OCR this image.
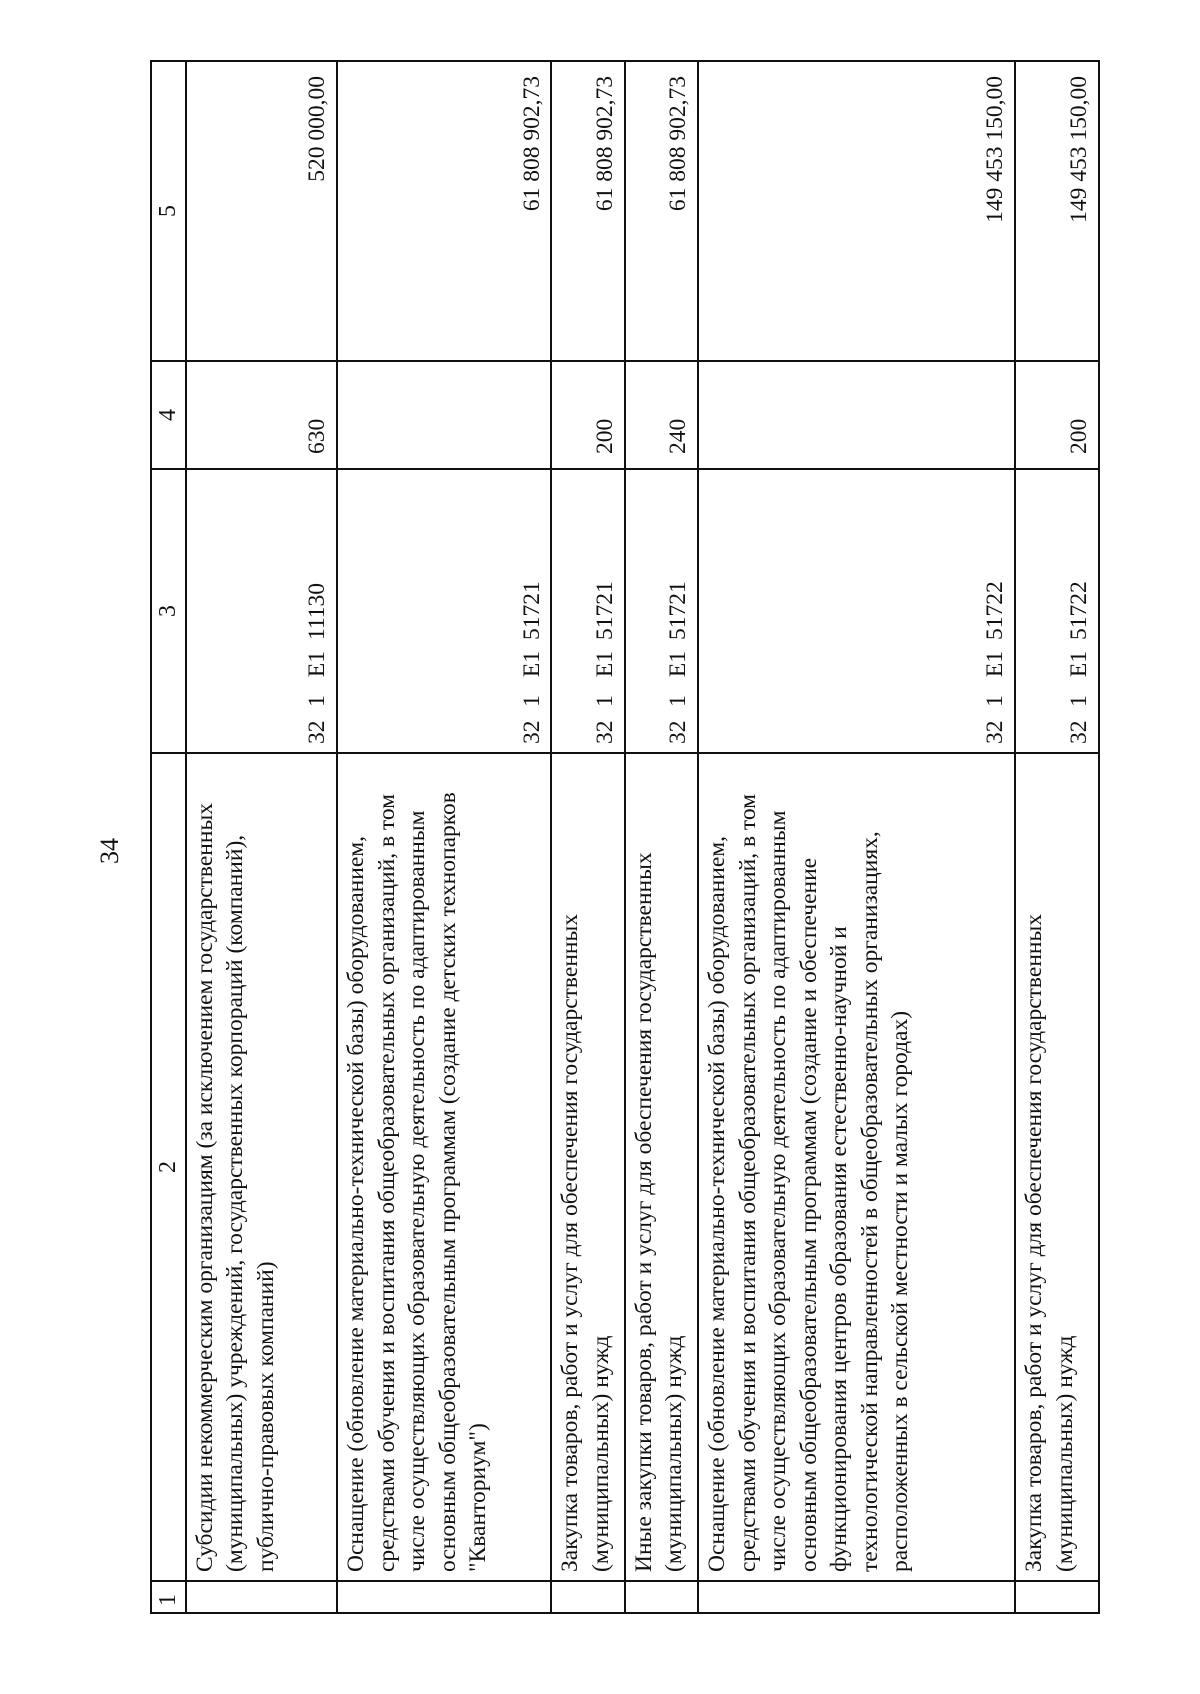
34
1	2	3	4	5
	Субсидии некоммерческим организациям (за исключением государственных (муниципальных) учреждений, государственных корпораций (компаний), публично-правовых компаний)	321Е111130	630	520 000,00
	Оснащение (обновление материально-технической базы) оборудованием, средствами обучения и воспитания общеобразовательных организаций, в том числе осуществляющих образовательную деятельность по адаптированным основным общеобразовательным программам (создание детских технопарков "Кванториум")	321Е151721		61 808 902,73
	Закупка товаров, работ и услуг для обеспечения государственных (муниципальных) нужд	321Е151721	200	61 808 902,73
	Иные закупки товаров, работ и услуг для обеспечения государственных (муниципальных) нужд	321Е151721	240	61 808 902,73
	Оснащение (обновление материально-технической базы) оборудованием, средствами обучения и воспитания общеобразовательных организаций, в том числе осуществляющих образовательную деятельность по адаптированным основным общеобразовательным программам (создание и обеспечение функционирования центров образования естественно-научной и технологической направленностей в общеобразовательных организациях, расположенных в сельской местности и малых городах)	321Е151722		149 453 150,00
	Закупка товаров, работ и услуг для обеспечения государственных (муниципальных) нужд	321Е151722	200	149 453 150,00
